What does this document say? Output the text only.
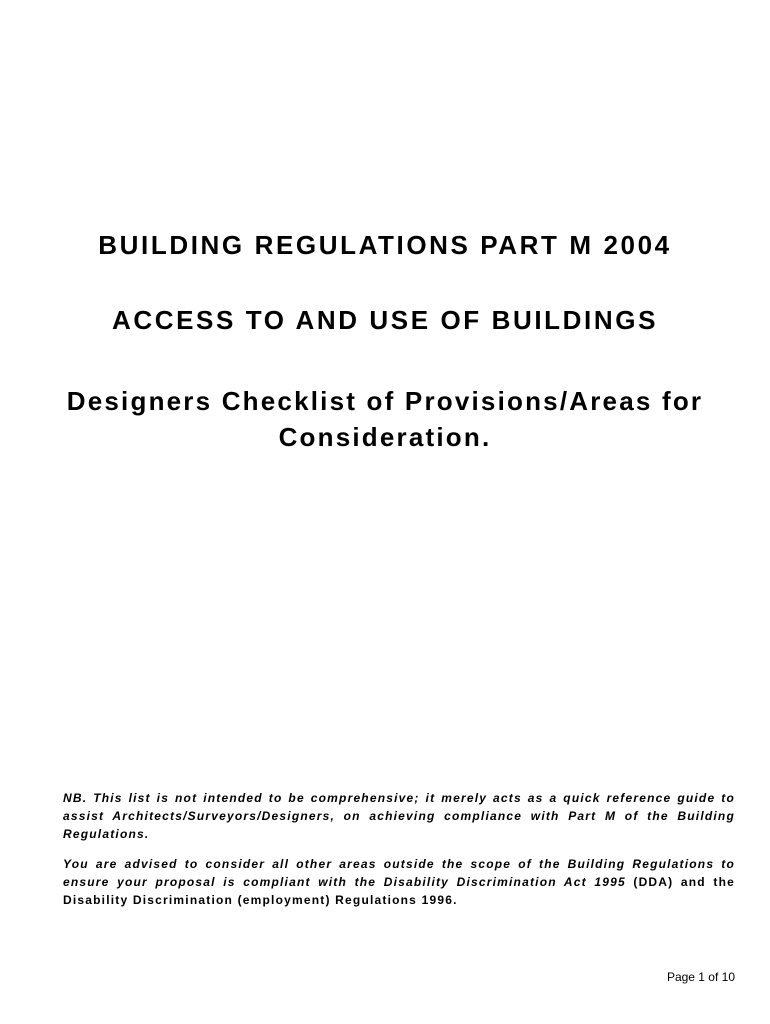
BUILDING REGULATIONS PART M 2004
ACCESS TO AND USE OF BUILDINGS
Designers Checklist of Provisions/Areas for Consideration.
NB. This list is not intended to be comprehensive; it merely acts as a quick reference guide to assist Architects/Surveyors/Designers, on achieving compliance with Part M of the Building Regulations.
You are advised to consider all other areas outside the scope of the Building Regulations to ensure your proposal is compliant with the Disability Discrimination Act 1995 (DDA) and the Disability Discrimination (employment) Regulations 1996.
Page 1 of 10
